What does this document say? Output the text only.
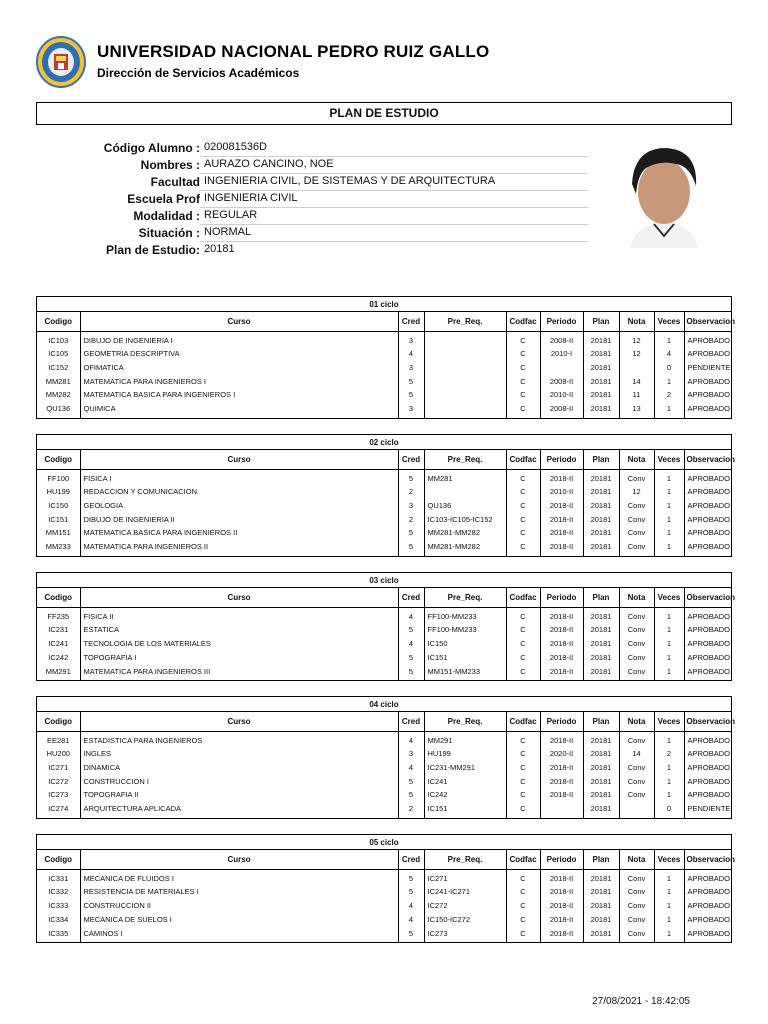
UNIVERSIDAD NACIONAL PEDRO RUIZ GALLO
Dirección de Servicios Académicos
PLAN DE ESTUDIO
Código Alumno : 020081536D
Nombres : AURAZO CANCINO, NOE
Facultad INGENIERIA CIVIL, DE SISTEMAS Y DE ARQUITECTURA
Escuela Prof INGENIERIA CIVIL
Modalidad : REGULAR
Situación : NORMAL
Plan de Estudio: 20181
01 ciclo
Codigo	Curso	Cred	Pre_Req.	Codfac	Periodo	Plan	Nota	Veces	Observacion
IC103	DIBUJO DE INGENIERIA I	3		C	2008-II	20181	12	1	APROBADO
IC105	GEOMETRIA DESCRIPTIVA	4		C	2010-I	20181	12	4	APROBADO
IC152	OFIMATICA	3		C		20181		0	PENDIENTE
MM281	MATEMATICA PARA INGENIEROS I	5		C	2008-II	20181	14	1	APROBADO
MM282	MATEMATICA BASICA PARA INGENIEROS I	5		C	2010-II	20181	11	2	APROBADO
QU136	QUIMICA	3		C	2008-II	20181	13	1	APROBADO
02 ciclo
Codigo	Curso	Cred	Pre_Req.	Codfac	Periodo	Plan	Nota	Veces	Observacion
FF100	FISICA I	5	MM281	C	2018-II	20181	Conv	1	APROBADO
HU199	REDACCION Y COMUNICACION	2		C	2010-II	20181	12	1	APROBADO
IC150	GEOLOGIA	3	QU136	C	2018-II	20181	Conv	1	APROBADO
IC151	DIBUJO DE INGENIERIA II	2	IC103-IC105-IC152	C	2018-II	20181	Conv	1	APROBADO
MM151	MATEMATICA BASICA PARA INGENIEROS II	5	MM281-MM282	C	2018-II	20181	Conv	1	APROBADO
MM233	MATEMATICA PARA INGENIEROS II	5	MM281-MM282	C	2018-II	20181	Conv	1	APROBADO
03 ciclo
Codigo	Curso	Cred	Pre_Req.	Codfac	Periodo	Plan	Nota	Veces	Observacion
FF235	FISICA II	4	FF100-MM233	C	2018-II	20181	Conv	1	APROBADO
IC231	ESTATICA	5	FF100-MM233	C	2018-II	20181	Conv	1	APROBADO
IC241	TECNOLOGIA DE LOS MATERIALES	4	IC150	C	2018-II	20181	Conv	1	APROBADO
IC242	TOPOGRAFIA I	5	IC151	C	2018-II	20181	Conv	1	APROBADO
MM291	MATEMATICA PARA INGENIEROS III	5	MM151-MM233	C	2018-II	20181	Conv	1	APROBADO
04 ciclo
Codigo	Curso	Cred	Pre_Req.	Codfac	Periodo	Plan	Nota	Veces	Observacion
EE281	ESTADISTICA PARA INGENIEROS	4	MM291	C	2018-II	20181	Conv	1	APROBADO
HU200	INGLES	3	HU199	C	2020-II	20181	14	2	APROBADO
IC271	DINAMICA	4	IC231-MM291	C	2018-II	20181	Conv	1	APROBADO
IC272	CONSTRUCCION I	5	IC241	C	2018-II	20181	Conv	1	APROBADO
IC273	TOPOGRAFIA II	5	IC242	C	2018-II	20181	Conv	1	APROBADO
IC274	ARQUITECTURA APLICADA	2	IC151	C		20181		0	PENDIENTE
05 ciclo
Codigo	Curso	Cred	Pre_Req.	Codfac	Periodo	Plan	Nota	Veces	Observacion
IC331	MECANICA DE FLUIDOS I	5	IC271	C	2018-II	20181	Conv	1	APROBADO
IC332	RESISTENCIA DE MATERIALES I	5	IC241-IC271	C	2018-II	20181	Conv	1	APROBADO
IC333	CONSTRUCCION II	4	IC272	C	2018-II	20181	Conv	1	APROBADO
IC334	MECANICA DE SUELOS I	4	IC150-IC272	C	2018-II	20181	Conv	1	APROBADO
IC335	CAMINOS I	5	IC273	C	2018-II	20181	Conv	1	APROBADO
27/08/2021 - 18:42:05
